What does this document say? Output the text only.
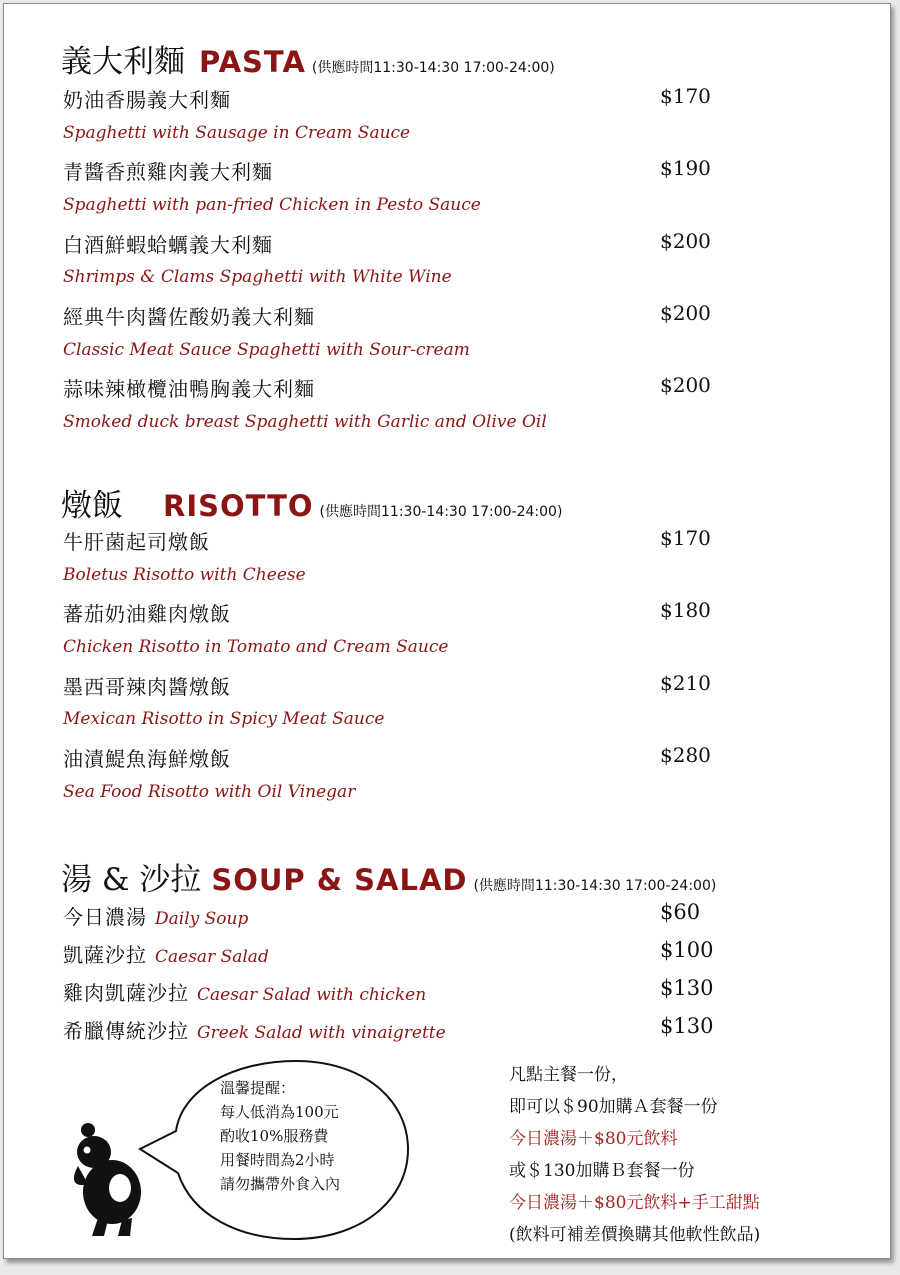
義大利麵 PASTA (供應時間11:30-14:30 17:00-24:00)
奶油香腸義大利麵	$170
Spaghetti with Sausage in Cream Sauce
青醬香煎雞肉義大利麵	$190
Spaghetti with pan-fried Chicken in Pesto Sauce
白酒鮮蝦蛤蠣義大利麵	$200
Shrimps & Clams Spaghetti with White Wine
經典牛肉醬佐酸奶義大利麵	$200
Classic Meat Sauce Spaghetti with Sour-cream
蒜味辣橄欖油鴨胸義大利麵	$200
Smoked duck breast Spaghetti with Garlic and Olive Oil
燉飯 RISOTTO (供應時間11:30-14:30 17:00-24:00)
牛肝菌起司燉飯	$170
Boletus Risotto with Cheese
蕃茄奶油雞肉燉飯	$180
Chicken Risotto in Tomato and Cream Sauce
墨西哥辣肉醬燉飯	$210
Mexican Risotto in Spicy Meat Sauce
油漬鯷魚海鮮燉飯	$280
Sea Food Risotto with Oil Vinegar
湯 & 沙拉 SOUP & SALAD (供應時間11:30-14:30 17:00-24:00)
今日濃湯 Daily Soup	$60
凱薩沙拉 Caesar Salad	$100
雞肉凱薩沙拉 Caesar Salad with chicken	$130
希臘傳統沙拉 Greek Salad with vinaigrette	$130
溫馨提醒：
每人低消為100元
酌收10%服務費
用餐時間為2小時
請勿攜帶外食入內
凡點主餐一份，
即可以＄90加購Ａ套餐一份
今日濃湯＋$80元飲料
或＄130加購Ｂ套餐一份
今日濃湯＋$80元飲料+手工甜點
(飲料可補差價換購其他軟性飲品)
